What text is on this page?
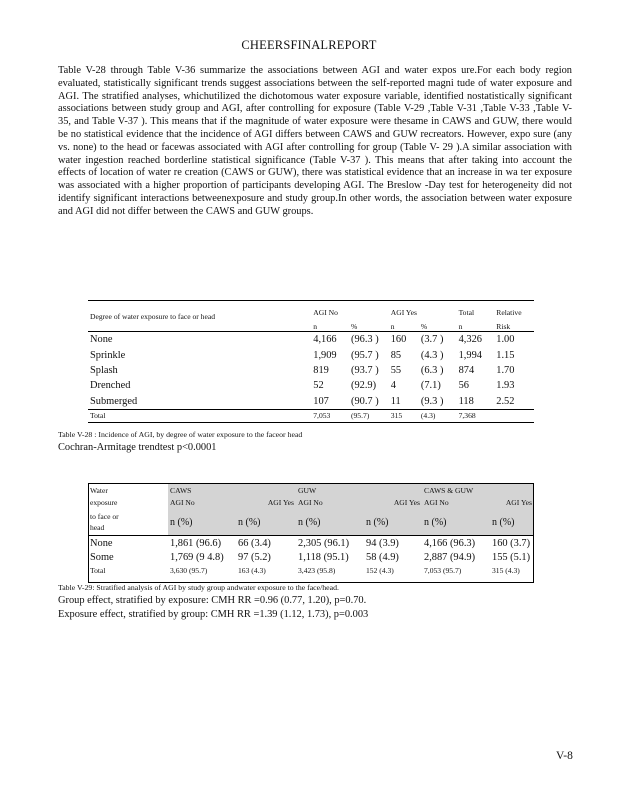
CHEERSFINALREPORT

Table V-28 through Table V-36 summarize the associations between AGI and water expos ure.For each body region evaluated, statistically significant trends suggest associations between the self-reported magni tude of water exposure and AGI. The stratified analyses, whichutilized the dichotomous water exposure variable, identified nostatistically significant associations between study group and AGI, after controlling for exposure (Table V-29 ,Table V-31 ,Table V-33 ,Table V- 35, and Table V-37 ). This means that if the magnitude of water exposure were thesame in CAWS and GUW, there would be no statistical evidence that the incidence of AGI differs between CAWS and GUW recreators. However, expo sure (any vs. none) to the head or facewas associated with AGI after controlling for group (Table V- 29 ).A similar association with water ingestion reached borderline statistical significance (Table V-37 ). This means that after taking into account the effects of location of water re creation (CAWS or GUW), there was statistical evidence that an increase in wa ter exposure was associated with a higher proportion of participants developing AGI. The Breslow -Day test for heterogeneity did not identify significant interactions betweenexposure and study group.In other words, the association between water exposure and AGI did not differ between the CAWS and GUW groups.

Degree of water exposure to face or head	AGI No		AGI Yes		Total	Relative
	n	%	n	%	n	Risk
None	4,166	(96.3 )	160	(3.7 )	4,326	1.00
Sprinkle	1,909	(95.7 )	85	(4.3 )	1,994	1.15
Splash	819	(93.7 )	55	(6.3 )	874	1.70
Drenched	52	(92.9)	4	(7.1)	56	1.93
Submerged	107	(90.7 )	11	(9.3 )	118	2.52
Total	7,053	(95.7)	315	(4.3)	7,368	
Table V-28 : Incidence of AGI, by degree of water exposure to the faceor head
Cochran-Armitage trendtest p<0.0001
Water	CAWS		GUW		CAWS & GUW	
exposure	AGI No	AGI Yes	AGI No	AGI Yes	AGI No	AGI Yes
to face or
head	n (%)	n (%)	n (%)	n (%)	n (%)	n (%)
None	1,861 (96.6)	66 (3.4)	2,305 (96.1)	94 (3.9)	4,166 (96.3)	160 (3.7)
Some	1,769 (9 4.8)	97 (5.2)	1,118 (95.1)	58 (4.9)	2,887 (94.9)	155 (5.1)
Total	3,630 (95.7)	163 (4.3)	3,423 (95.8)	152 (4.3)	7,053 (95.7)	315 (4.3)
Table V-29: Stratified analysis of AGI by study group andwater exposure to the face/head.
Group effect, stratified by exposure: CMH RR =0.96 (0.77, 1.20), p=0.70.
Exposure effect, stratified by group: CMH RR =1.39 (1.12, 1.73), p=0.003
V-8
